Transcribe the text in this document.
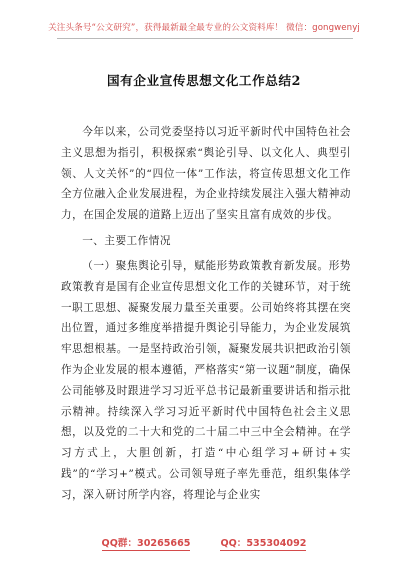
关注头条号“公文研究”，获得最新最全最专业的公文资料库！ 微信：gongwenyj
国有企业宣传思想文化工作总结2

今年以来，公司党委坚持以习近平新时代中国特色社会主义思想为指引，积极探索“舆论引导、以文化人、典型引领、人文关怀”的“四位一体”工作法，将宣传思想文化工作全方位融入企业发展进程，为企业持续发展注入强大精神动力，在国企发展的道路上迈出了坚实且富有成效的步伐。

一、主要工作情况

（一）聚焦舆论引导，赋能形势政策教育新发展。形势政策教育是国有企业宣传思想文化工作的关键环节，对于统一职工思想、凝聚发展力量至关重要。公司始终将其摆在突出位置，通过多维度举措提升舆论引导能力，为企业发展筑牢思想根基。一是坚持政治引领，凝聚发展共识把政治引领作为企业发展的根本遵循，严格落实“第一议题”制度，确保公司能够及时跟进学习习近平总书记最新重要讲话和指示批示精神。持续深入学习习近平新时代中国特色社会主义思想，以及党的二十大和党的二十届二中三中全会精神。在学习方式上，大胆创新，打造“中心组学习+研讨+实践”的“学习+”模式。公司领导班子率先垂范，组织集体学习，深入研讨所学内容，将理论与企业实

QQ群：30265665	QQ：535304092
